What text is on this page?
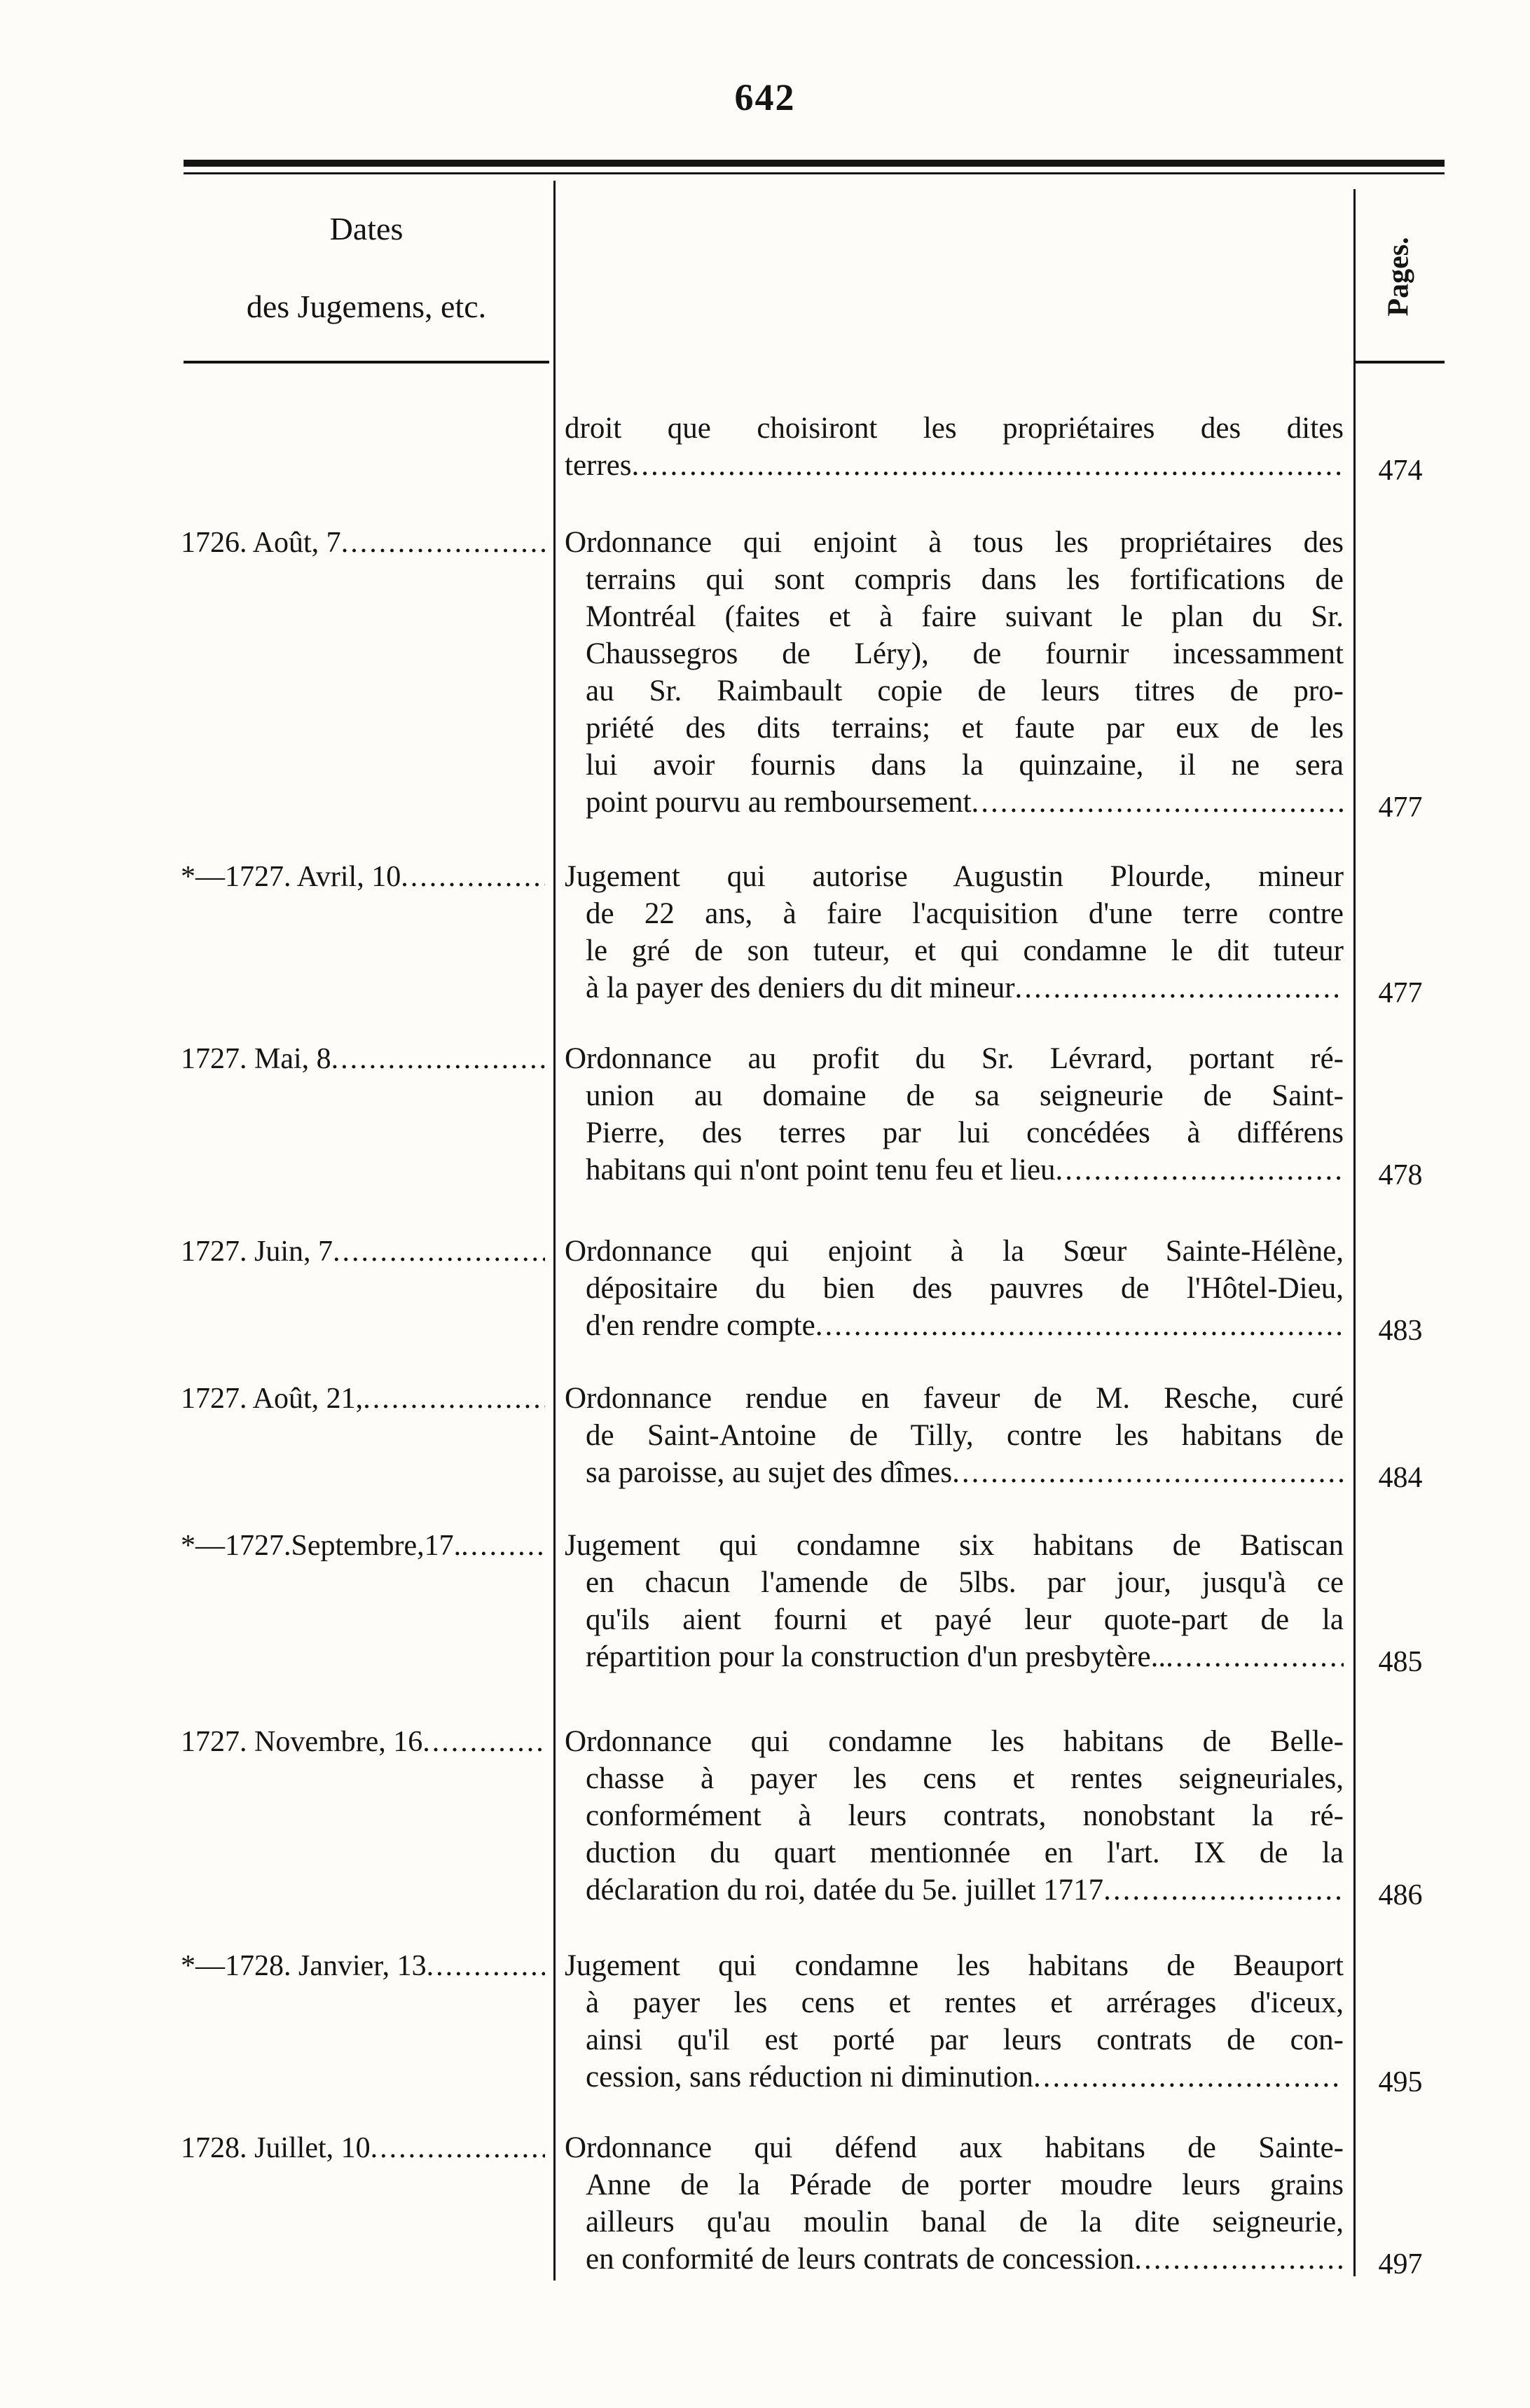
642
Dates
des Jugemens, etc.	Pages.
droit que choisiront les propriétaires des dites
terres .....	474
1726. Août, 7 .....	Ordonnance qui enjoint à tous les propriétaires des
terrains qui sont compris dans les fortifications de
Montréal (faites et à faire suivant le plan du Sr.
Chaussegros de Léry), de fournir incessamment
au Sr. Raimbault copie de leurs titres de pro-
priété des dits terrains; et faute par eux de les
lui avoir fournis dans la quinzaine, il ne sera
point pourvu au remboursement .....	477
*—1727. Avril, 10 .....	Jugement qui autorise Augustin Plourde, mineur
de 22 ans, à faire l'acquisition d'une terre contre
le gré de son tuteur, et qui condamne le dit tuteur
à la payer des deniers du dit mineur .....	477
1727. Mai, 8 .....	Ordonnance au profit du Sr. Lévrard, portant ré-
union au domaine de sa seigneurie de Saint-
Pierre, des terres par lui concédées à différens
habitans qui n'ont point tenu feu et lieu .....	478
1727. Juin, 7 .....	Ordonnance qui enjoint à la Sœur Sainte-Hélène,
dépositaire du bien des pauvres de l'Hôtel-Dieu,
d'en rendre compte .....	483
1727. Août, 21, .....	Ordonnance rendue en faveur de M. Resche, curé
de Saint-Antoine de Tilly, contre les habitans de
sa paroisse, au sujet des dîmes .....	484
*—1727.Septembre,17. .....	Jugement qui condamne six habitans de Batiscan
en chacun l'amende de 5lbs. par jour, jusqu'à ce
qu'ils aient fourni et payé leur quote-part de la
répartition pour la construction d'un presbytère.. .....	485
1727. Novembre, 16 .....	Ordonnance qui condamne les habitans de Belle-
chasse à payer les cens et rentes seigneuriales,
conformément à leurs contrats, nonobstant la ré-
duction du quart mentionnée en l'art. IX de la
déclaration du roi, datée du 5e. juillet 1717 .....	486
*—1728. Janvier, 13 .....	Jugement qui condamne les habitans de Beauport
à payer les cens et rentes et arrérages d'iceux,
ainsi qu'il est porté par leurs contrats de con-
cession, sans réduction ni diminution .....	495
1728. Juillet, 10 .....	Ordonnance qui défend aux habitans de Sainte-
Anne de la Pérade de porter moudre leurs grains
ailleurs qu'au moulin banal de la dite seigneurie,
en conformité de leurs contrats de concession .....	497
